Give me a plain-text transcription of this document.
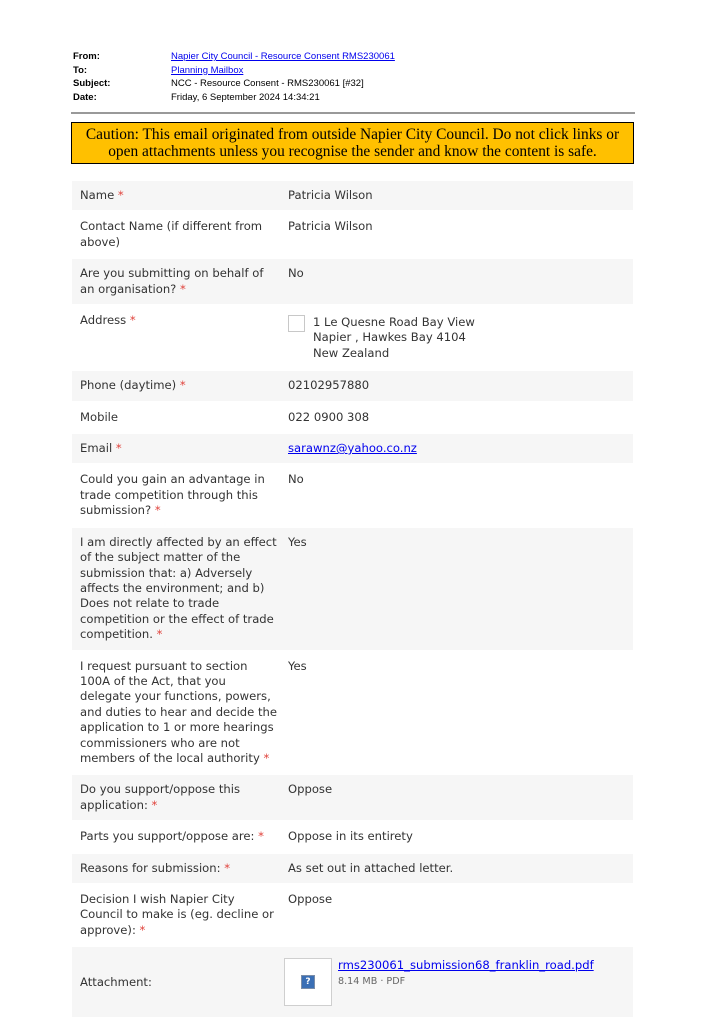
From:	Napier City Council - Resource Consent RMS230061
To:	Planning Mailbox
Subject:	NCC - Resource Consent - RMS230061 [#32]
Date:	Friday, 6 September 2024 14:34:21
Caution: This email originated from outside Napier City Council. Do not click links or open attachments unless you recognise the sender and know the content is safe.
Name *	Patricia Wilson
Contact Name (if different from above)
Patricia Wilson
Are you submitting on behalf of an organisation? *
No
Address *	1 Le Quesne Road Bay View
Napier , Hawkes Bay 4104
New Zealand
Phone (daytime) *	02102957880
Mobile	022 0900 308
Email *	sarawnz@yahoo.co.nz
Could you gain an advantage in trade competition through this submission? *
No
I am directly affected by an effect of the subject matter of the submission that: a) Adversely affects the environment; and b) Does not relate to trade competition or the effect of trade competition. *
Yes
I request pursuant to section 100A of the Act, that you delegate your functions, powers, and duties to hear and decide the application to 1 or more hearings commissioners who are not members of the local authority *
Yes
Do you support/oppose this application: *
Oppose
Parts you support/oppose are: *	Oppose in its entirety
Reasons for submission: *	As set out in attached letter.
Decision I wish Napier City Council to make is (eg. decline or approve): *
Oppose
Attachment:	?
rms230061_submission68_franklin_road.pdf
8.14 MB · PDF
